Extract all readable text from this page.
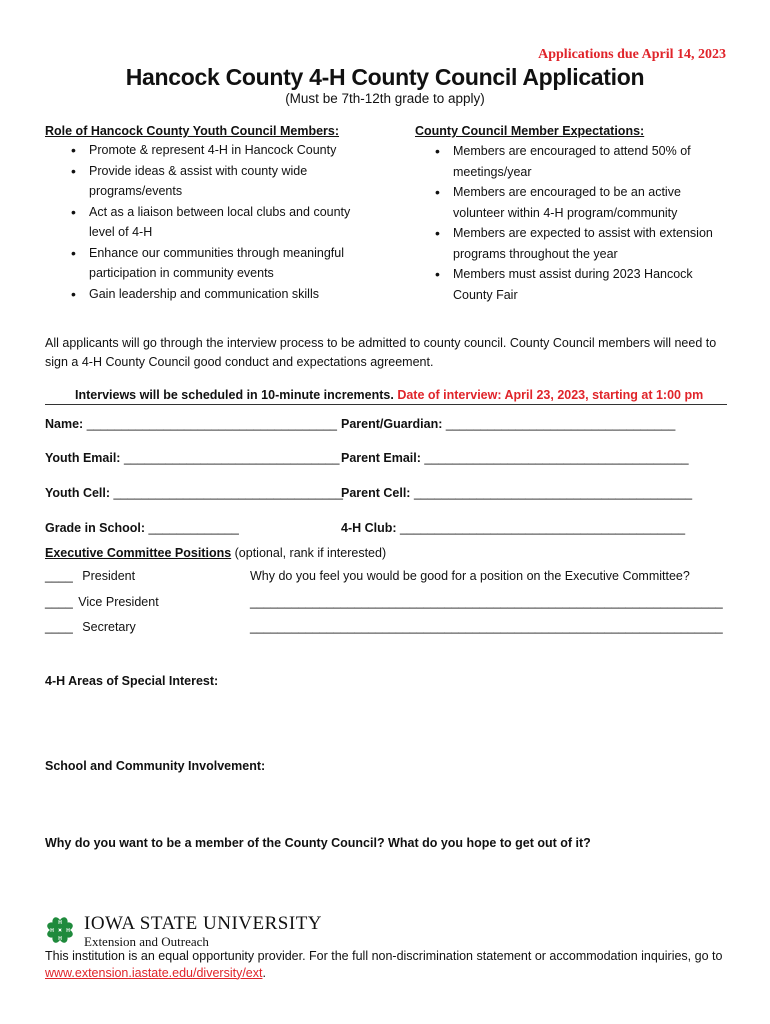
Applications due April 14, 2023
Hancock County 4-H County Council Application
(Must be 7th-12th grade to apply)
Role of Hancock County Youth Council Members:
• Promote & represent 4-H in Hancock County
• Provide ideas & assist with county wide programs/events
• Act as a liaison between local clubs and county level of 4-H
• Enhance our communities through meaningful participation in community events
• Gain leadership and communication skills
County Council Member Expectations:
• Members are encouraged to attend 50% of meetings/year
• Members are encouraged to be an active volunteer within 4-H program/community
• Members are expected to assist with extension programs throughout the year
• Members must assist during 2023 Hancock County Fair
All applicants will go through the interview process to be admitted to county council. County Council members will need to sign a 4-H County Council good conduct and expectations agreement.
Interviews will be scheduled in 10-minute increments. Date of interview: April 23, 2023, starting at 1:00 pm
Name: ____________________________________ Parent/Guardian: _________________________________
Youth Email: _______________________________ Parent Email: ______________________________________
Youth Cell: _________________________________
Parent Cell: ________________________________________
Grade in School: _____________	4-H Club: _________________________________________
Executive Committee Positions (optional, rank if interested)
____ President
____ Vice President
____ Secretary
Why do you feel you would be good for a position on the Executive Committee?
____________________________________________________________________
____________________________________________________________________
4-H Areas of Special Interest:
School and Community Involvement:
Why do you want to be a member of the County Council? What do you hope to get out of it?
H
H
H H IOWA STATE UNIVERSITY
Extension and Outreach
This institution is an equal opportunity provider. For the full non-discrimination statement or accommodation inquiries, go to www.extension.iastate.edu/diversity/ext.
